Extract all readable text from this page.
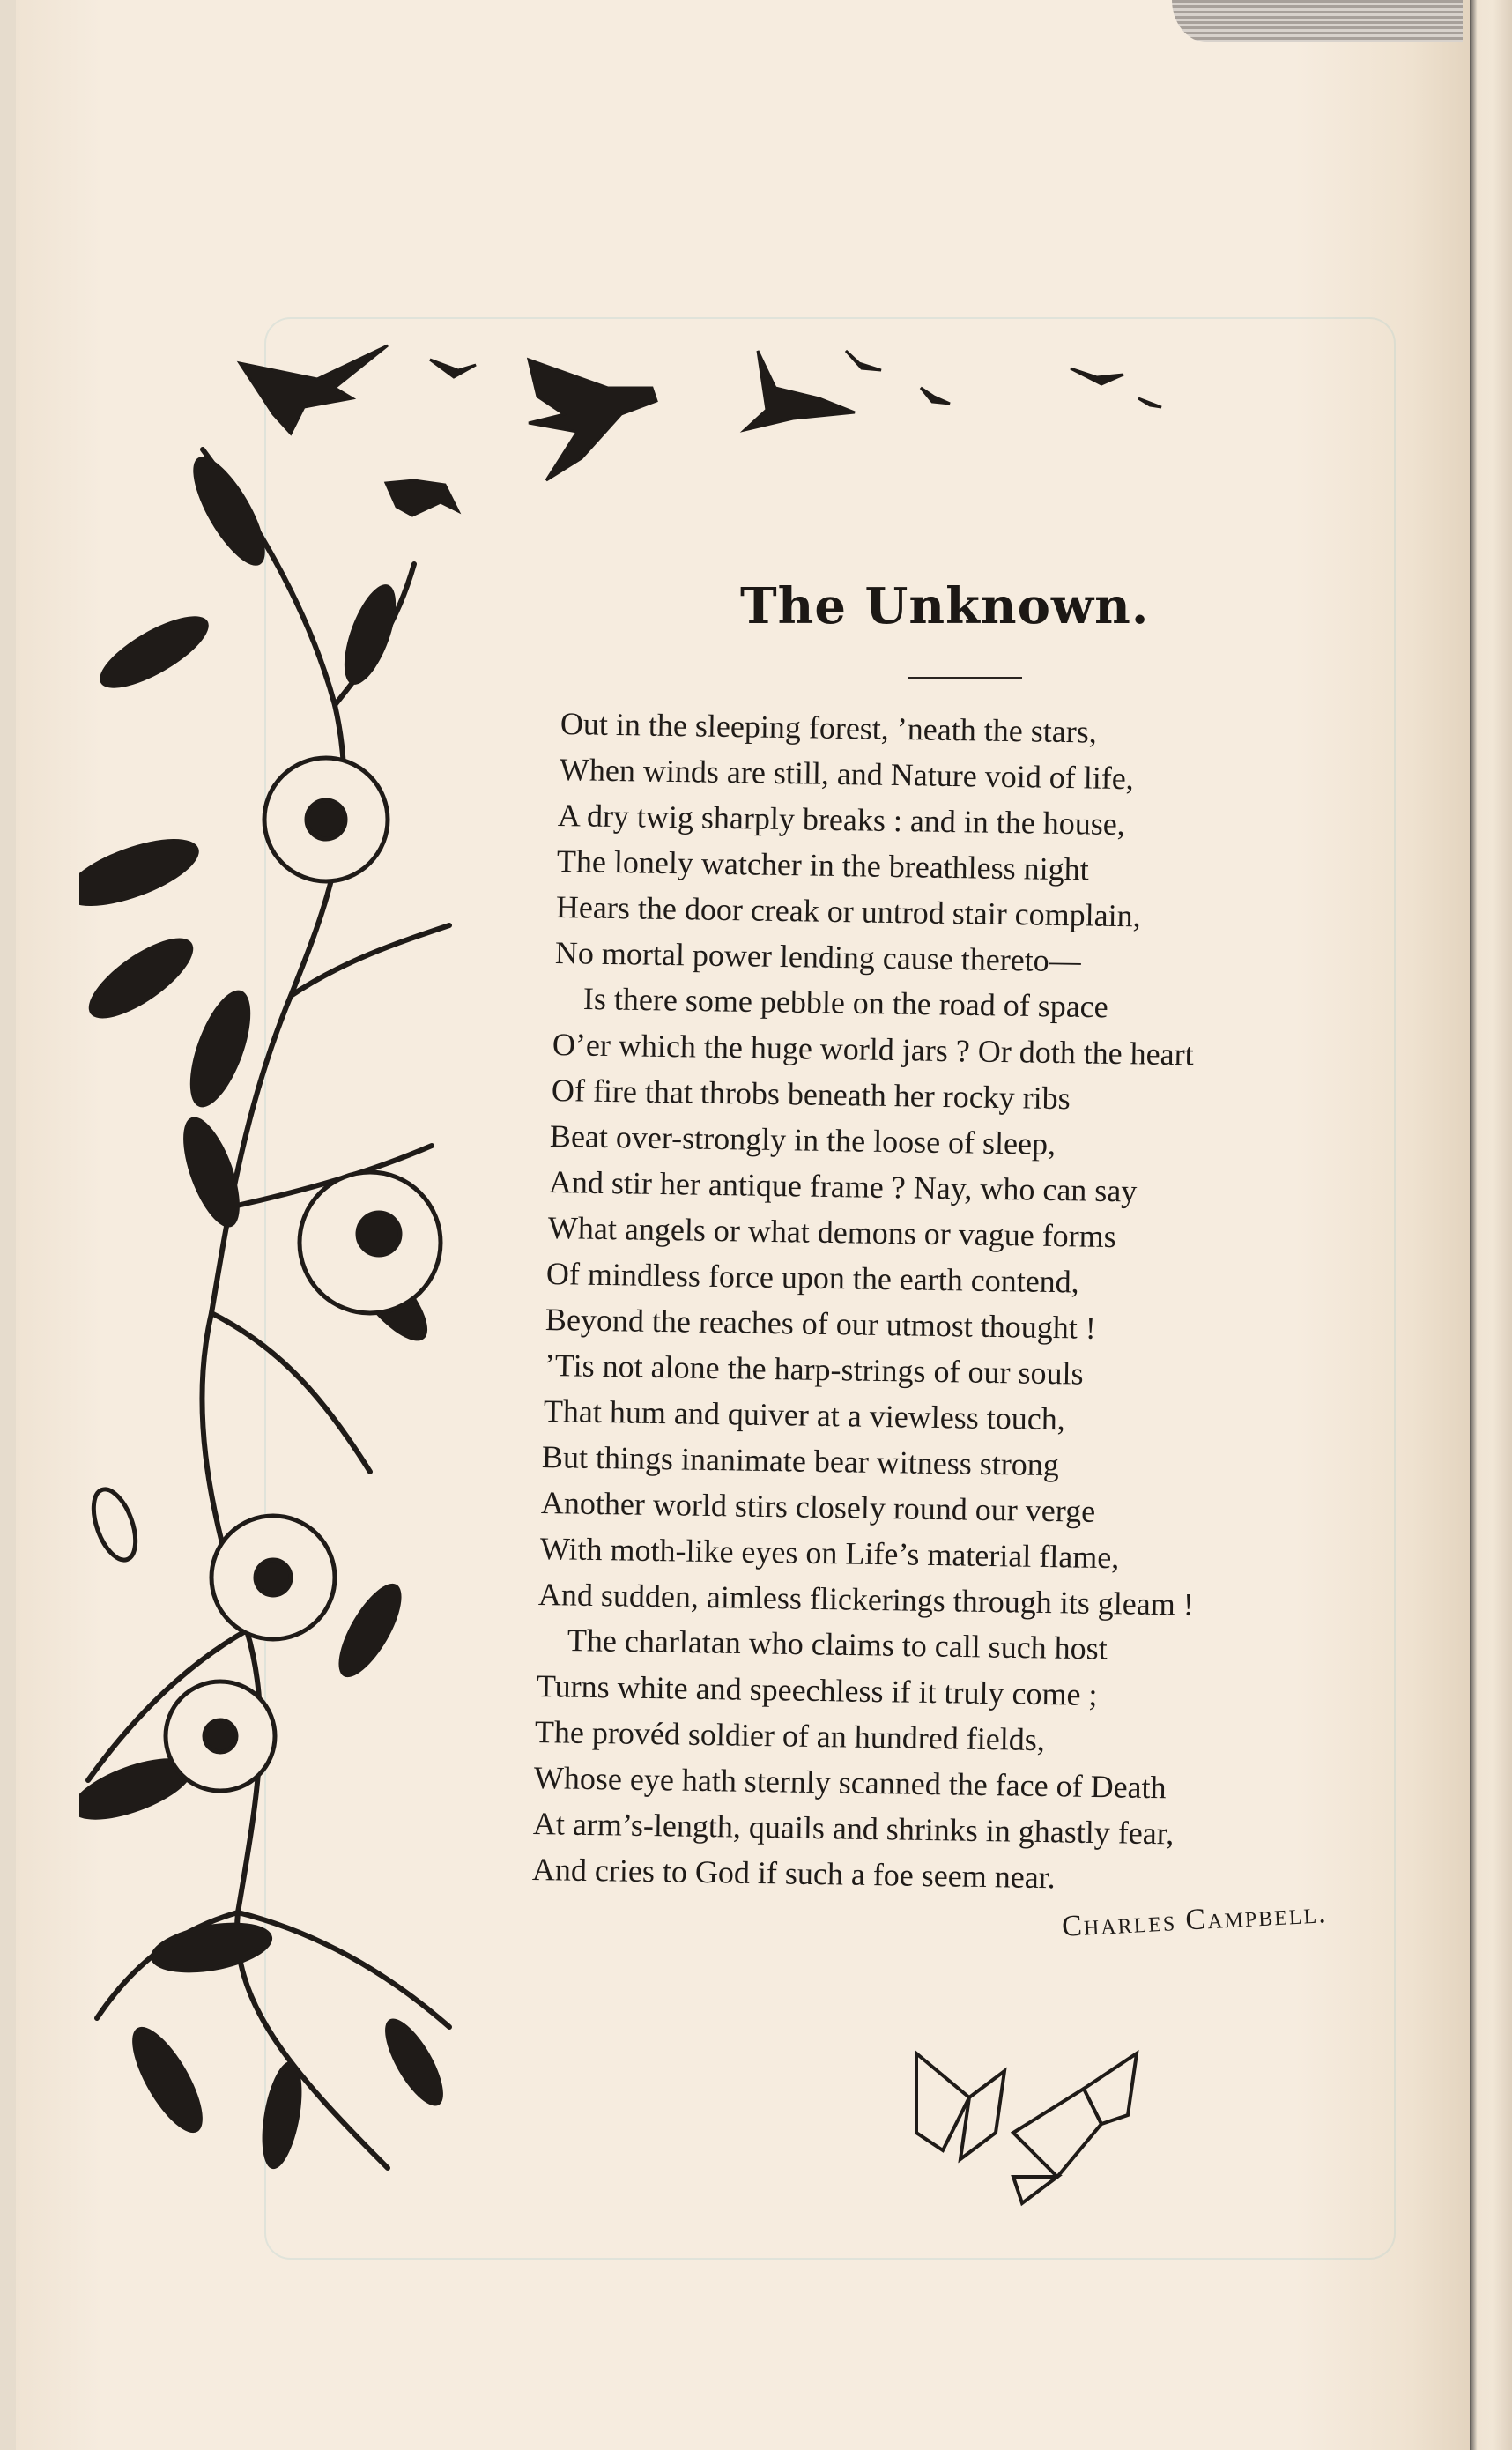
The Unknown.
Out in the sleeping forest, ’neath the stars,
When winds are still, and Nature void of life,
A dry twig sharply breaks : and in the house,
The lonely watcher in the breathless night
Hears the door creak or untrod stair complain,
No mortal power lending cause thereto—
Is there some pebble on the road of space
O’er which the huge world jars ? Or doth the heart
Of fire that throbs beneath her rocky ribs
Beat over-strongly in the loose of sleep,
And stir her antique frame ? Nay, who can say
What angels or what demons or vague forms
Of mindless force upon the earth contend,
Beyond the reaches of our utmost thought !
’Tis not alone the harp-strings of our souls
That hum and quiver at a viewless touch,
But things inanimate bear witness strong
Another world stirs closely round our verge
With moth-like eyes on Life’s material flame,
And sudden, aimless flickerings through its gleam !
The charlatan who claims to call such host
Turns white and speechless if it truly come ;
The provéd soldier of an hundred fields,
Whose eye hath sternly scanned the face of Death
At arm’s-length, quails and shrinks in ghastly fear,
And cries to God if such a foe seem near.
Charles Campbell.
